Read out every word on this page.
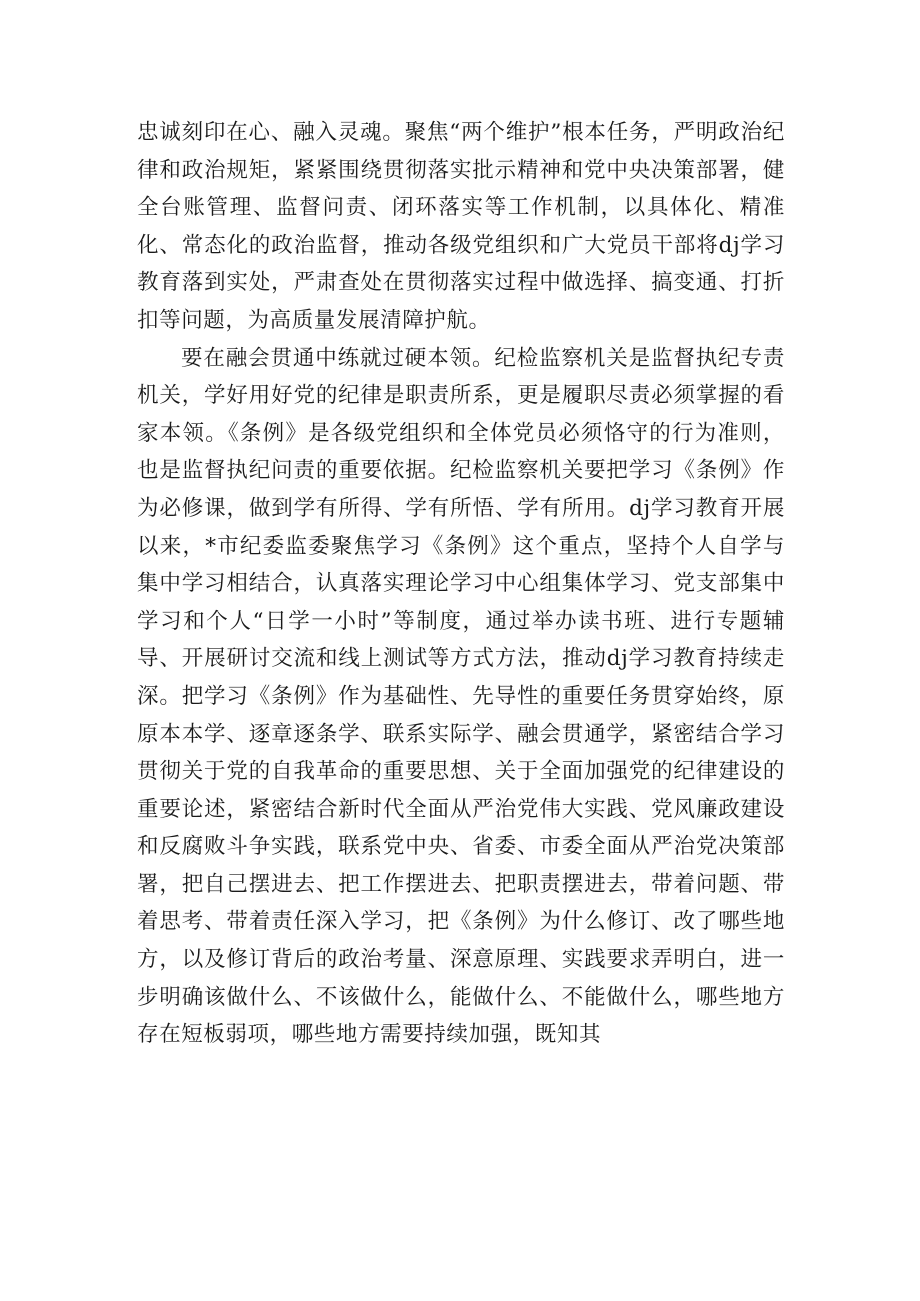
忠诚刻印在心、融入灵魂。聚焦“两个维护”根本任务，严明政治纪律和政治规矩，紧紧围绕贯彻落实批示精神和党中央决策部署，健全台账管理、监督问责、闭环落实等工作机制，以具体化、精准化、常态化的政治监督，推动各级党组织和广大党员干部将dj学习教育落到实处，严肃查处在贯彻落实过程中做选择、搞变通、打折扣等问题，为高质量发展清障护航。

要在融会贯通中练就过硬本领。纪检监察机关是监督执纪专责机关，学好用好党的纪律是职责所系，更是履职尽责必须掌握的看家本领。《条例》是各级党组织和全体党员必须恪守的行为准则，也是监督执纪问责的重要依据。纪检监察机关要把学习《条例》作为必修课，做到学有所得、学有所悟、学有所用。dj学习教育开展以来，*市纪委监委聚焦学习《条例》这个重点，坚持个人自学与集中学习相结合，认真落实理论学习中心组集体学习、党支部集中学习和个人“日学一小时”等制度，通过举办读书班、进行专题辅导、开展研讨交流和线上测试等方式方法，推动dj学习教育持续走深。把学习《条例》作为基础性、先导性的重要任务贯穿始终，原原本本学、逐章逐条学、联系实际学、融会贯通学，紧密结合学习贯彻关于党的自我革命的重要思想、关于全面加强党的纪律建设的重要论述，紧密结合新时代全面从严治党伟大实践、党风廉政建设和反腐败斗争实践，联系党中央、省委、市委全面从严治党决策部署，把自己摆进去、把工作摆进去、把职责摆进去，带着问题、带着思考、带着责任深入学习，把《条例》为什么修订、改了哪些地方，以及修订背后的政治考量、深意原理、实践要求弄明白，进一步明确该做什么、不该做什么，能做什么、不能做什么，哪些地方存在短板弱项，哪些地方需要持续加强，既知其
